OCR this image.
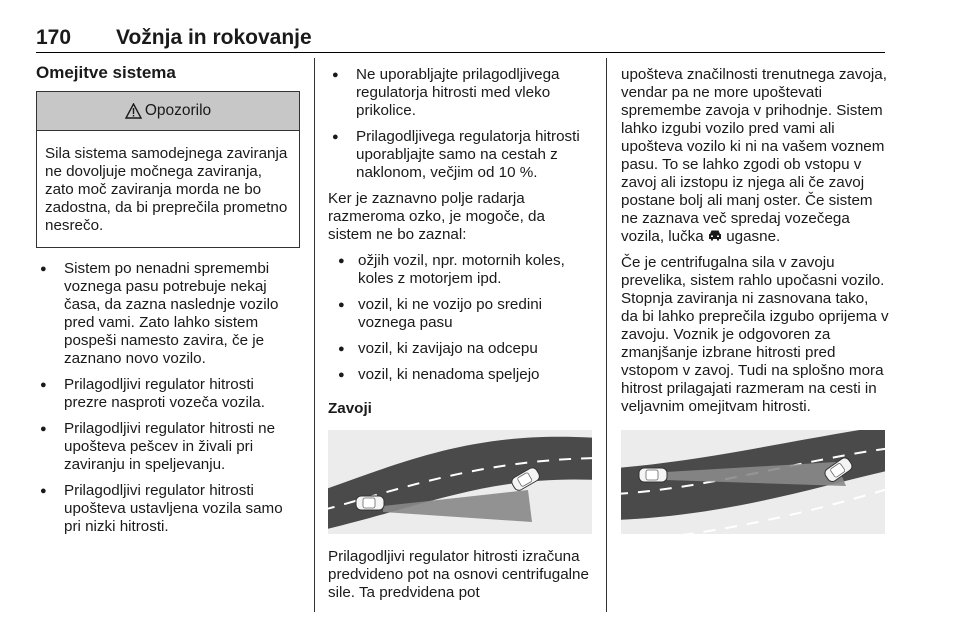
170 Vožnja in rokovanje
Omejitve sistema
Opozorilo
Sila sistema samodejnega zaviranja ne dovoljuje močnega zaviranja, zato moč zaviranja morda ne bo zadostna, da bi preprečila prometno nesrečo.
● Sistem po nenadni spremembi voznega pasu potrebuje nekaj časa, da zazna naslednje vozilo pred vami. Zato lahko sistem pospeši namesto zavira, če je zaznano novo vozilo.
● Prilagodljivi regulator hitrosti prezre nasproti vozeča vozila.
● Prilagodljivi regulator hitrosti ne upošteva pešcev in živali pri zaviranju in speljevanju.
● Prilagodljivi regulator hitrosti upošteva ustavljena vozila samo pri nizki hitrosti.
● Ne uporabljajte prilagodljivega regulatorja hitrosti med vleko prikolice.
● Prilagodljivega regulatorja hitrosti uporabljajte samo na cestah z naklonom, večjim od 10 %.

Ker je zaznavno polje radarja razmeroma ozko, je mogoče, da sistem ne bo zaznal:

● ožjih vozil, npr. motornih koles, koles z motorjem ipd.
● vozil, ki ne vozijo po sredini voznega pasu
● vozil, ki zavijajo na odcepu
● vozil, ki nenadoma speljejo
Zavoji

Prilagodljivi regulator hitrosti izračuna predvideno pot na osnovi centrifugalne sile. Ta predvidena pot

upošteva značilnosti trenutnega zavoja, vendar pa ne more upoštevati spremembe zavoja v prihodnje. Sistem lahko izgubi vozilo pred vami ali upošteva vozilo ki ni na vašem voznem pasu. To se lahko zgodi ob vstopu v zavoj ali izstopu iz njega ali če zavoj postane bolj ali manj oster. Če sistem ne zaznava več spredaj vozečega vozila, lučka ugasne.

Če je centrifugalna sila v zavoju prevelika, sistem rahlo upočasni vozilo. Stopnja zaviranja ni zasnovana tako, da bi lahko preprečila izgubo oprijema v zavoju. Voznik je odgovoren za zmanjšanje izbrane hitrosti pred vstopom v zavoj. Tudi na splošno mora hitrost prilagajati razmeram na cesti in veljavnim omejitvam hitrosti.
